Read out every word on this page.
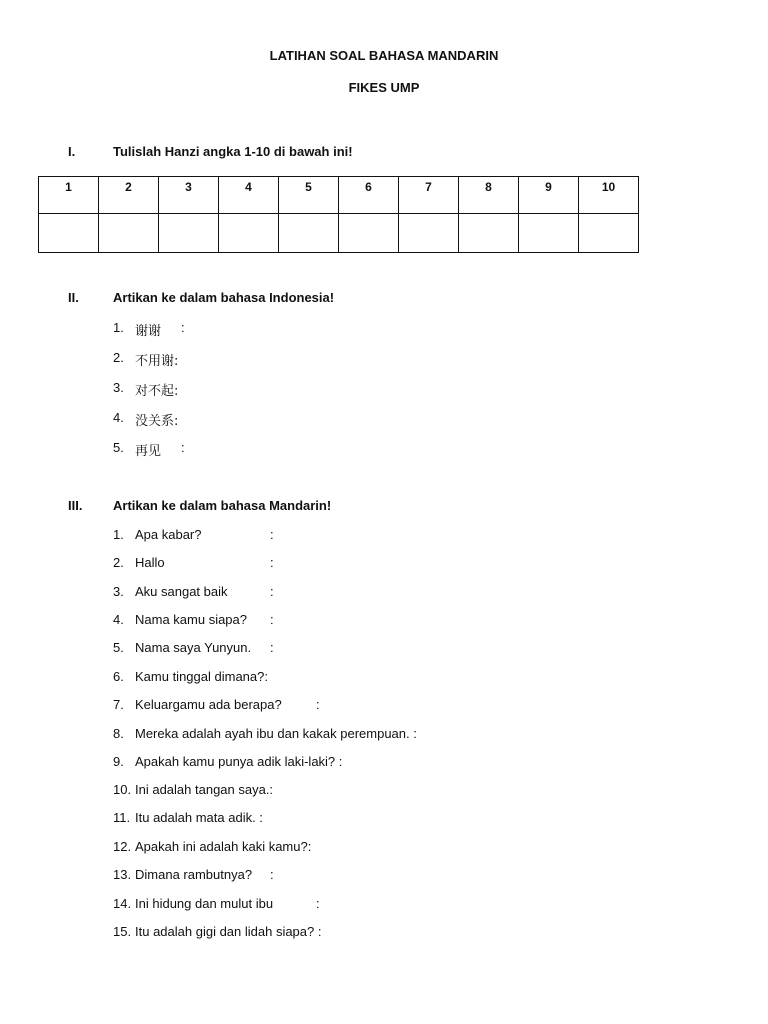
LATIHAN SOAL BAHASA MANDARIN
FIKES UMP
I.	Tulislah Hanzi angka 1-10 di bawah ini!
1	2	3	4	5	6	7	8	9	10

II.	Artikan ke dalam bahasa Indonesia!
1. 谢谢 :
2. 不用谢:
3. 对不起:
4. 没关系:
5. 再见 :
III. Artikan ke dalam bahasa Mandarin!
1. Apa kabar?	:
2. Hallo	:
3. Aku sangat baik	:
4. Nama kamu siapa? :
5. Nama saya Yunyun. :
6. Kamu tinggal dimana?:
7. Keluargamu ada berapa?	:
8. Mereka adalah ayah ibu dan kakak perempuan. :
9. Apakah kamu punya adik laki-laki? :
10. Ini adalah tangan saya.:
11. Itu adalah mata adik. :
12. Apakah ini adalah kaki kamu?:
13. Dimana rambutnya? :
14. Ini hidung dan mulut ibu	:
15. Itu adalah gigi dan lidah siapa? :
